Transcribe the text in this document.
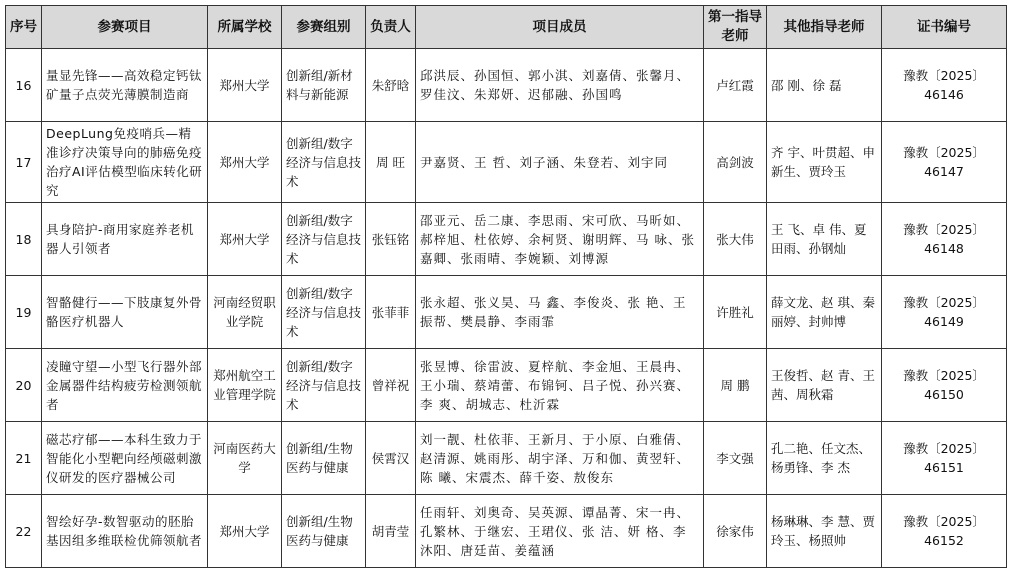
序号	参赛项目	所属学校	参赛组别	负责人	项目成员	第一指导老师	其他指导老师	证书编号
16	量显先锋——高效稳定钙钛矿量子点荧光薄膜制造商	郑州大学	创新组/新材料与新能源	朱舒晗	邱洪辰、孙国恒、郭小淇、刘嘉倩、张馨月、罗佳汶、朱郑妍、迟郁融、孙国鸣	卢红霞	邵 刚、徐 磊	豫教〔2025〕46146
17	DeepLung免疫哨兵—精准诊疗决策导向的肺癌免疫治疗AI评估模型临床转化研究	郑州大学	创新组/数字经济与信息技术	周 旺	尹嘉贤、王 哲、刘子涵、朱登若、刘宇同	高剑波	齐 宇、叶贯超、申新生、贾玲玉	豫教〔2025〕46147
18	具身陪护-商用家庭养老机器人引领者	郑州大学	创新组/数字经济与信息技术	张钰铭	邵亚元、岳二康、李思雨、宋可欣、马昕如、郝梓旭、杜依婷、余柯贤、谢明辉、马 咏、张嘉卿、张雨晴、李婉颖、刘博源	张大伟	王 飞、卓 伟、夏田雨、孙钢灿	豫教〔2025〕46148
19	智骼健行——下肢康复外骨骼医疗机器人	河南经贸职业学院	创新组/数字经济与信息技术	张菲菲	张永超、张义昊、马 鑫、李俊炎、张 艳、王振帮、樊晨静、李雨霏	许胜礼	薛文龙、赵 琪、秦丽婷、封帅博	豫教〔2025〕46149
20	凌瞳守望—小型飞行器外部金属器件结构疲劳检测领航者	郑州航空工业管理学院	创新组/数字经济与信息技术	曾祥祝	张昱博、徐雷波、夏梓航、李金旭、王晨冉、王小瑞、蔡靖蕾、布锦钶、吕子悦、孙兴赛、李 爽、胡城志、杜沂霖	周 鹏	王俊哲、赵 青、王 茜、周秋霜	豫教〔2025〕46150
21	磁芯疗郁——本科生致力于智能化小型靶向经颅磁刺激仪研发的医疗器械公司	河南医药大学	创新组/生物医药与健康	侯霄汉	刘一靓、杜依菲、王新月、于小原、白雅倩、赵清源、姚雨彤、胡宇泽、万和伽、黄翌轩、陈 曦、宋震杰、薛千姿、敖俊东	李文强	孔二艳、任文杰、杨勇锋、李 杰	豫教〔2025〕46151
22	智绘好孕-数智驱动的胚胎基因组多维联检优筛领航者	郑州大学	创新组/生物医药与健康	胡青莹	任雨轩、刘奥奇、吴英源、谭晶菁、宋一冉、孔繁林、于继宏、王珺仪、张 洁、妍 格、李沐阳、唐廷苗、姜蕴涵	徐家伟	杨琳琳、李 慧、贾玲玉、杨照帅	豫教〔2025〕46152
